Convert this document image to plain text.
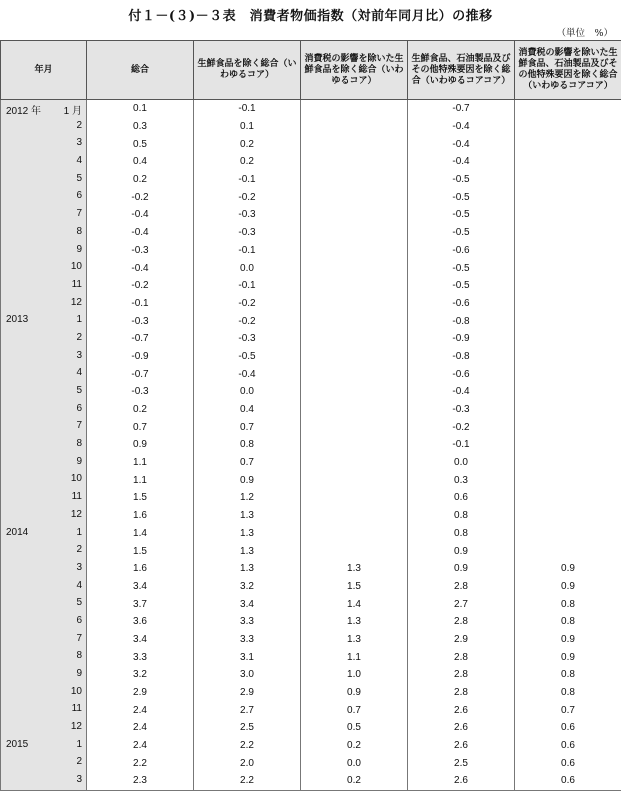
付１－(３)－３表　消費者物価指数（対前年同月比）の推移
（単位　%）
年月	総合	生鮮食品を除く総合（いわゆるコア）	消費税の影響を除いた生鮮食品を除く総合（いわゆるコア）	生鮮食品、石油製品及びその他特殊要因を除く総合（いわゆるコアコア）	消費税の影響を除いた生鮮食品、石油製品及びその他特殊要因を除く総合（いわゆるコアコア）

2012 年 1 月	0.1	-0.1		-0.7	

2	0.3	0.1		-0.4	

3	0.5	0.2		-0.4	

4	0.4	0.2		-0.4	

5	0.2	-0.1		-0.5	

6	-0.2	-0.2		-0.5	

7	-0.4	-0.3		-0.5	

8	-0.4	-0.3		-0.5	

9	-0.3	-0.1		-0.6	

10	-0.4	0.0		-0.5	

11	-0.2	-0.1		-0.5	

12	-0.1	-0.2		-0.6	

2013 1	-0.3	-0.2		-0.8	

2	-0.7	-0.3		-0.9	

3	-0.9	-0.5		-0.8	

4	-0.7	-0.4		-0.6	

5	-0.3	0.0		-0.4	

6	0.2	0.4		-0.3	

7	0.7	0.7		-0.2	

8	0.9	0.8		-0.1	

9	1.1	0.7		0.0	

10	1.1	0.9		0.3	

11	1.5	1.2		0.6	

12	1.6	1.3		0.8	

2014 1	1.4	1.3		0.8	

2	1.5	1.3		0.9	

3	1.6	1.3	1.3	0.9	0.9

4	3.4	3.2	1.5	2.8	0.9

5	3.7	3.4	1.4	2.7	0.8

6	3.6	3.3	1.3	2.8	0.8

7	3.4	3.3	1.3	2.9	0.9

8	3.3	3.1	1.1	2.8	0.9

9	3.2	3.0	1.0	2.8	0.8

10	2.9	2.9	0.9	2.8	0.8

11	2.4	2.7	0.7	2.6	0.7

12	2.4	2.5	0.5	2.6	0.6

2015 1	2.4	2.2	0.2	2.6	0.6

2	2.2	2.0	0.0	2.5	0.6

3	2.3	2.2	0.2	2.6	0.6
